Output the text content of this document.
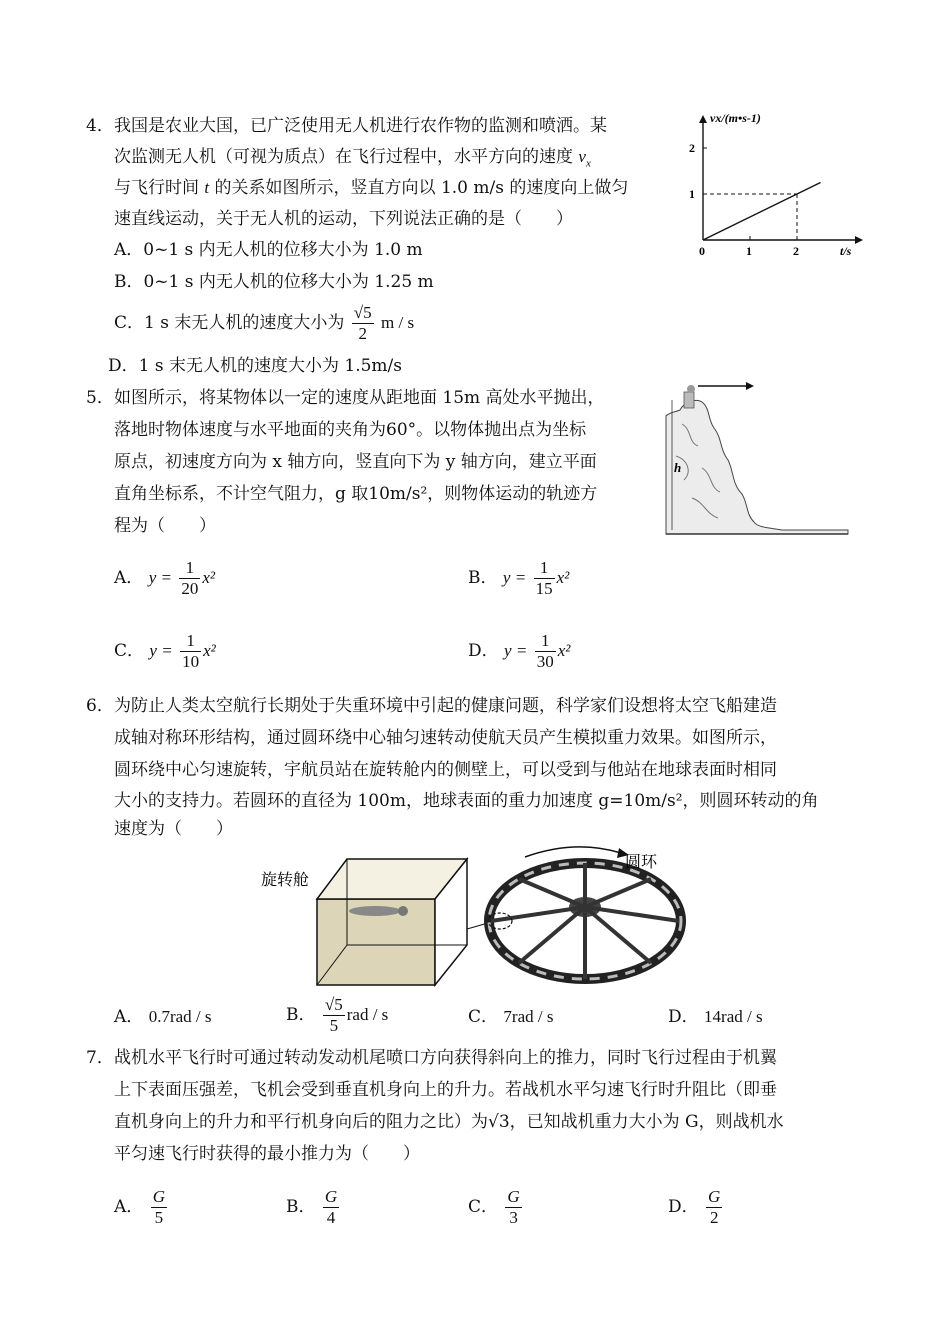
4． 我国是农业大国，已广泛使用无人机进行农作物的监测和喷洒。某
次监测无人机（可视为质点）在飞行过程中，水平方向的速度 $v_x$
与飞行时间 t 的关系如图所示，竖直方向以 1.0 m/s 的速度向上做匀
速直线运动，关于无人机的运动，下列说法正确的是（　　）
A．0~1 s 内无人机的位移大小为 1.0 m
B．0~1 s 内无人机的位移大小为 1.25 m
C．1 s 末无人机的速度大小为 $\frac{√5}{2}$ m / s
D．1 s 末无人机的速度大小为 1.5m/s
vx/(m•s-1)
t/s
0	1	2
1
2
5． 如图所示，将某物体以一定的速度从距地面 15m 高处水平抛出，
落地时物体速度与水平地面的夹角为60°。以物体抛出点为坐标
原点，初速度方向为 x 轴方向，竖直向下为 y 轴方向，建立平面
直角坐标系，不计空气阻力，g 取10m/s²，则物体运动的轨迹方
程为（　　）
h
A． $y = \frac{1}{20} x^2$	B． $y = \frac{1}{15} x^2$
C． $y = \frac{1}{10} x^2$	D． $y = \frac{1}{30} x^2$
6． 为防止人类太空航行长期处于失重环境中引起的健康问题，科学家们设想将太空飞船建造
成轴对称环形结构，通过圆环绕中心轴匀速转动使航天员产生模拟重力效果。如图所示，
圆环绕中心匀速旋转，宇航员站在旋转舱内的侧壁上，可以受到与他站在地球表面时相同
大小的支持力。若圆环的直径为 100m，地球表面的重力加速度 g=10m/s²，则圆环转动的角
速度为（　　）
旋转舱
圆环
A． 0.7rad / s	B． $\frac{√5}{5}$ rad / s	C． 7rad / s	D． 14rad / s
7． 战机水平飞行时可通过转动发动机尾喷口方向获得斜向上的推力，同时飞行过程由于机翼
上下表面压强差，飞机会受到垂直机身向上的升力。若战机水平匀速飞行时升阻比（即垂
直机身向上的升力和平行机身向后的阻力之比）为√3，已知战机重力大小为 G，则战机水
平匀速飞行时获得的最小推力为（　　）
A． $\frac{G}{5}$	B． $\frac{G}{4}$	C． $\frac{G}{3}$	D． $\frac{G}{2}$
